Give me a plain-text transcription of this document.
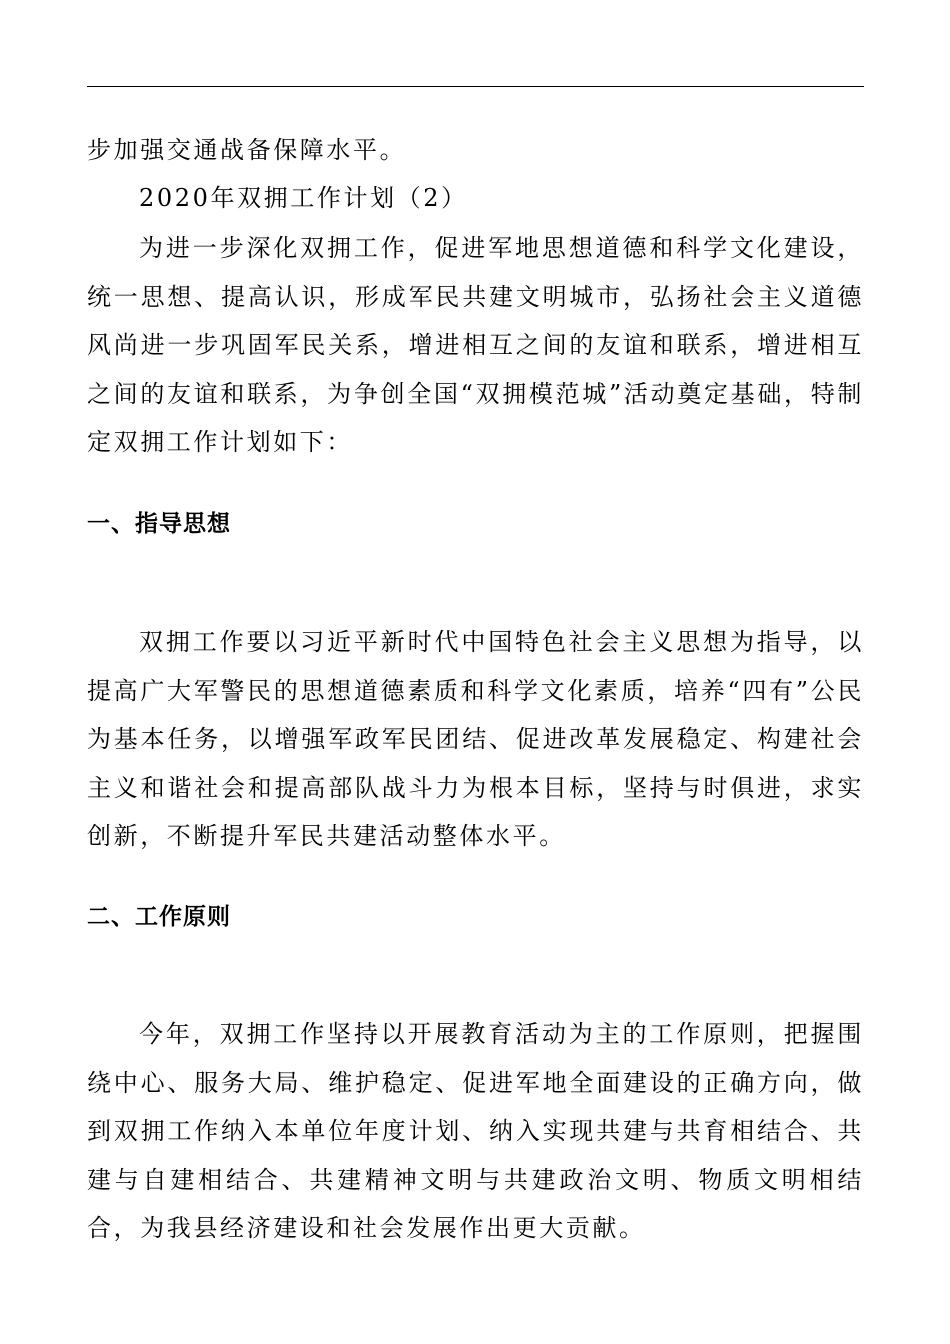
步加强交通战备保障水平。

2020年双拥工作计划（2）

为进一步深化双拥工作，促进军地思想道德和科学文化建设，统一思想、提高认识，形成军民共建文明城市，弘扬社会主义道德风尚进一步巩固军民关系，增进相互之间的友谊和联系，增进相互之间的友谊和联系，为争创全国“双拥模范城”活动奠定基础，特制定双拥工作计划如下：

一、指导思想

双拥工作要以习近平新时代中国特色社会主义思想为指导，以提高广大军警民的思想道德素质和科学文化素质，培养“四有”公民为基本任务，以增强军政军民团结、促进改革发展稳定、构建社会主义和谐社会和提高部队战斗力为根本目标，坚持与时俱进，求实创新，不断提升军民共建活动整体水平。

二、工作原则

今年，双拥工作坚持以开展教育活动为主的工作原则，把握围绕中心、服务大局、维护稳定、促进军地全面建设的正确方向，做到双拥工作纳入本单位年度计划、纳入实现共建与共育相结合、共建与自建相结合、共建精神文明与共建政治文明、物质文明相结合，为我县经济建设和社会发展作出更大贡献。
